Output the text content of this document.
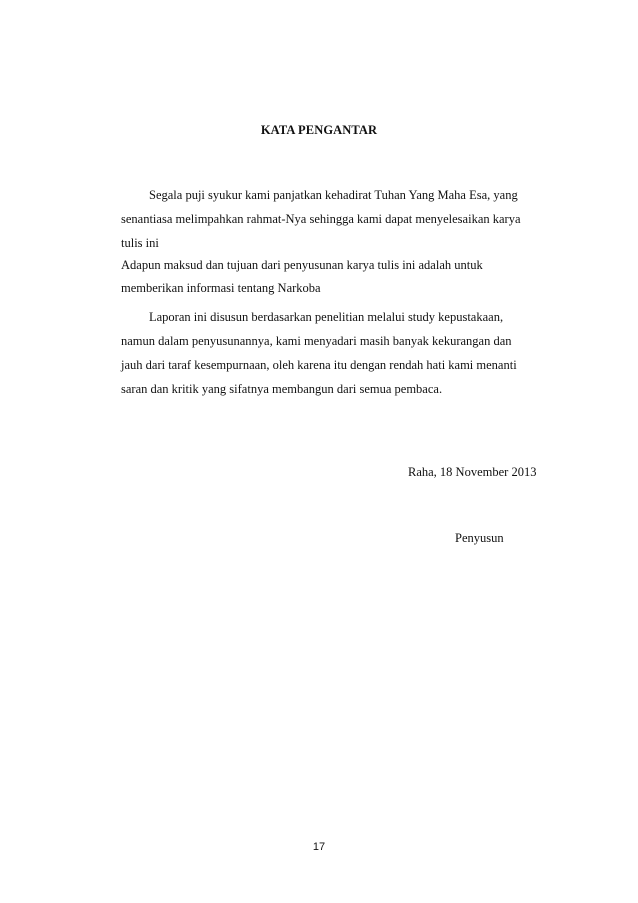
KATA PENGANTAR
Segala puji syukur kami panjatkan kehadirat Tuhan Yang Maha Esa, yang
senantiasa melimpahkan rahmat-Nya sehingga kami dapat menyelesaikan karya
tulis ini
Adapun maksud dan tujuan dari penyusunan karya tulis ini adalah untuk
memberikan informasi tentang Narkoba
Laporan ini disusun berdasarkan penelitian melalui study kepustakaan,
namun dalam penyusunannya, kami menyadari masih banyak kekurangan dan
jauh dari taraf kesempurnaan, oleh karena itu dengan rendah hati kami menanti
saran dan kritik yang sifatnya membangun dari semua pembaca.
Raha, 18 November 2013
Penyusun
17
